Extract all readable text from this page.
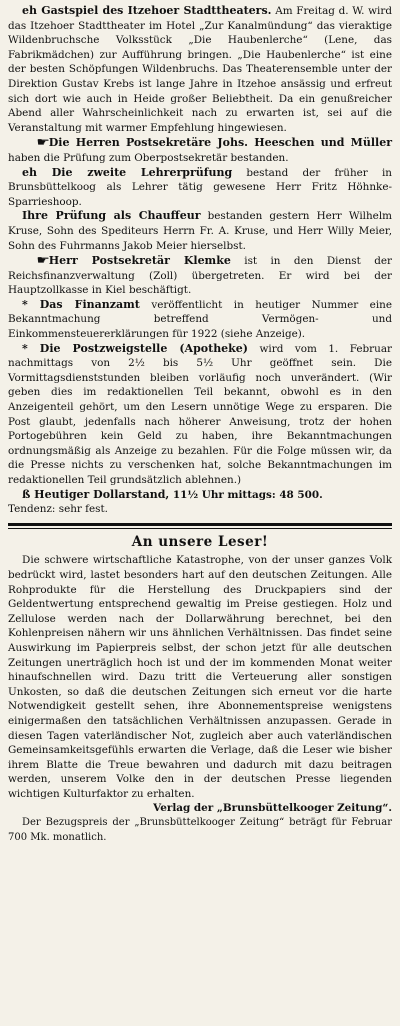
eh Gastspiel des Itzehoer Stadttheaters. Am Freitag d. W. wird das Itzehoer Stadttheater im Hotel „Zur Kanalmündung“ das vieraktige Wildenbruchsche Volksstück „Die Haubenlerche“ (Lene, das Fabrikmädchen) zur Aufführung bringen. „Die Haubenlerche“ ist eine der besten Schöpfungen Wildenbruchs. Das Theaterensemble unter der Direktion Gustav Krebs ist lange Jahre in Itzehoe ansässig und erfreut sich dort wie auch in Heide großer Beliebtheit. Da ein genußreicher Abend aller Wahrscheinlichkeit nach zu erwarten ist, sei auf die Veranstaltung mit warmer Empfehlung hingewiesen.

☛Die Herren Postsekretäre Johs. Heeschen und Müller haben die Prüfung zum Oberpostsekretär bestanden.

eh Die zweite Lehrerprüfung bestand der früher in Brunsbüttelkoog als Lehrer tätig gewesene Herr Fritz Höhnke-Sparrieshoop.

Ihre Prüfung als Chauffeur bestanden gestern Herr Wilhelm Kruse, Sohn des Spediteurs Herrn Fr. A. Kruse, und Herr Willy Meier, Sohn des Fuhrmanns Jakob Meier hierselbst.

☛Herr Postsekretär Klemke ist in den Dienst der Reichsfinanzverwaltung (Zoll) übergetreten. Er wird bei der Hauptzollkasse in Kiel beschäftigt.

* Das Finanzamt veröffentlicht in heutiger Nummer eine Bekanntmachung betreffend Vermögen- und Einkommensteuererklärungen für 1922 (siehe Anzeige).

* Die Postzweigstelle (Apotheke) wird vom 1. Februar nachmittags von 2½ bis 5½ Uhr geöffnet sein. Die Vormittagsdienststunden bleiben vorläufig noch unverändert. (Wir geben dies im redaktionellen Teil bekannt, obwohl es in den Anzeigenteil gehört, um den Lesern unnötige Wege zu ersparen. Die Post glaubt, jedenfalls nach höherer Anweisung, trotz der hohen Portogebühren kein Geld zu haben, ihre Bekanntmachungen ordnungsmäßig als Anzeige zu bezahlen. Für die Folge müssen wir, da die Presse nichts zu verschenken hat, solche Bekanntmachungen im redaktionellen Teil grundsätzlich ablehnen.)

ß Heutiger Dollarstand, 11½ Uhr mittags: 48 500.

Tendenz: sehr fest.

An unsere Leser!

Die schwere wirtschaftliche Katastrophe, von der unser ganzes Volk bedrückt wird, lastet besonders hart auf den deutschen Zeitungen. Alle Rohprodukte für die Herstellung des Druckpapiers sind der Geldentwertung entsprechend gewaltig im Preise gestiegen. Holz und Zellulose werden nach der Dollarwährung berechnet, bei den Kohlenpreisen nähern wir uns ähnlichen Verhältnissen. Das findet seine Auswirkung im Papierpreis selbst, der schon jetzt für alle deutschen Zeitungen unerträglich hoch ist und der im kommenden Monat weiter hinaufschnellen wird. Dazu tritt die Verteuerung aller sonstigen Unkosten, so daß die deutschen Zeitungen sich erneut vor die harte Notwendigkeit gestellt sehen, ihre Abonnementspreise wenigstens einigermaßen den tatsächlichen Verhältnissen anzupassen. Gerade in diesen Tagen vaterländischer Not, zugleich aber auch vaterländischen Gemeinsamkeitsgefühls erwarten die Verlage, daß die Leser wie bisher ihrem Blatte die Treue bewahren und dadurch mit dazu beitragen werden, unserem Volke den in der deutschen Presse liegenden wichtigen Kulturfaktor zu erhalten.

Verlag der „Brunsbüttelkooger Zeitung“.

Der Bezugspreis der „Brunsbüttelkooger Zeitung“ beträgt für Februar 700 Mk. monatlich.
